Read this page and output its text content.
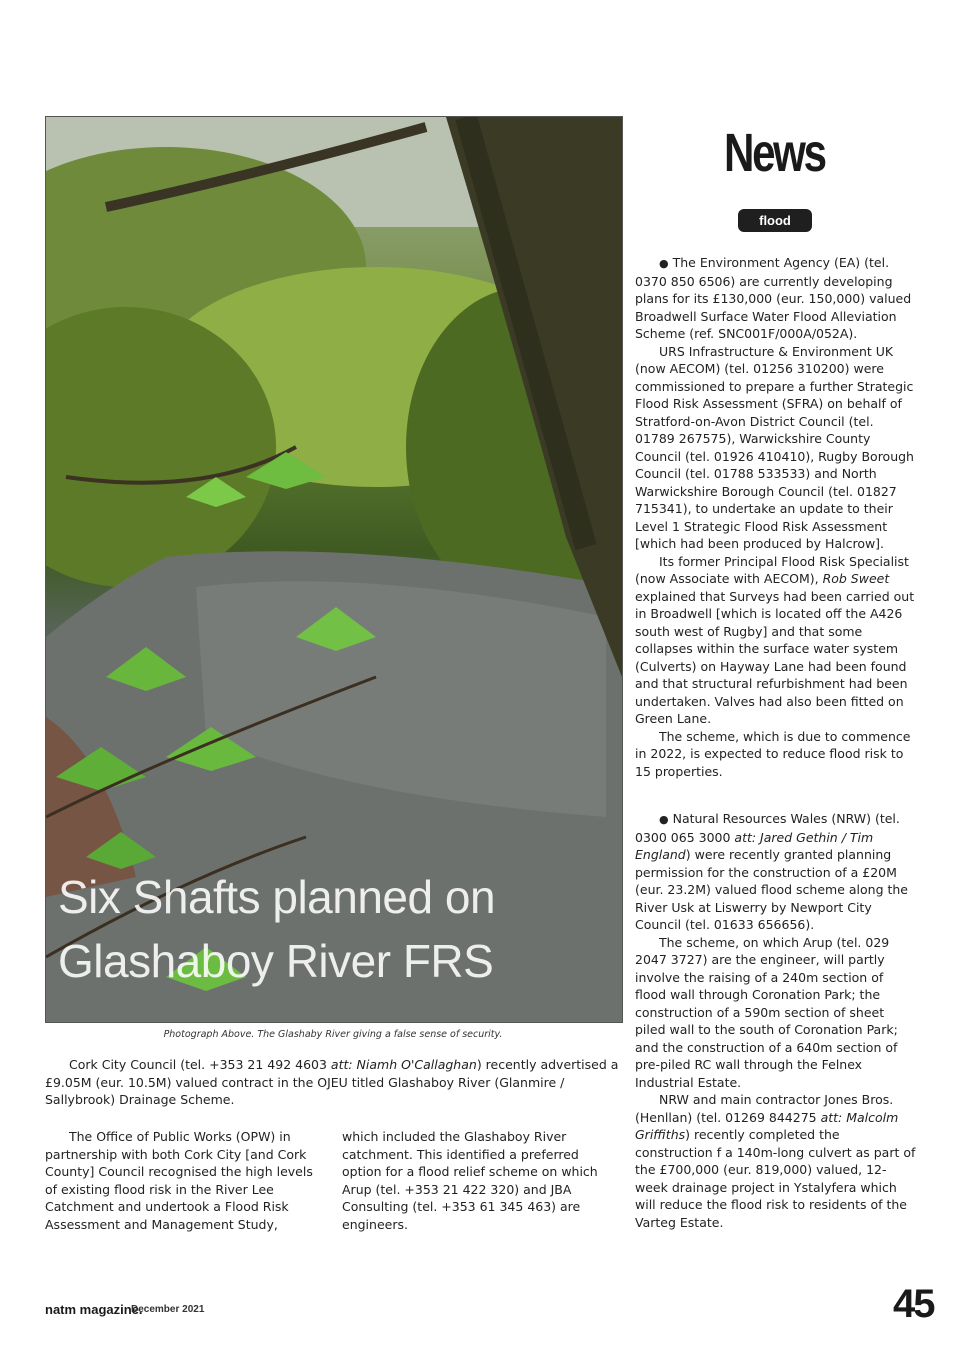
Six Shafts planned on
Glashaboy River FRS
Photograph Above. The Glashaby River giving a false sense of security.

Cork City Council (tel. +353 21 492 4603 att: Niamh O'Callaghan) recently advertised a £9.05M (eur. 10.5M) valued contract in the OJEU titled Glashaboy River (Glanmire / Sallybrook) Drainage Scheme.

The Office of Public Works (OPW) in partnership with both Cork City [and Cork County] Council recognised the high levels of existing flood risk in the River Lee Catchment and undertook a Flood Risk Assessment and Management Study,

which included the Glashaboy River catchment. This identified a preferred option for a flood relief scheme on which Arup (tel. +353 21 422 320) and JBA Consulting (tel. +353 61 345 463) are engineers.

News
flood

● The Environment Agency (EA) (tel. 0370 850 6506) are currently developing plans for its £130,000 (eur. 150,000) valued Broadwell Surface Water Flood Alleviation Scheme (ref. SNC001F/000A/052A).

URS Infrastructure & Environment UK (now AECOM) (tel. 01256 310200) were commissioned to prepare a further Strategic Flood Risk Assessment (SFRA) on behalf of Stratford-on-Avon District Council (tel. 01789 267575), Warwickshire County Council (tel. 01926 410410), Rugby Borough Council (tel. 01788 533533) and North Warwickshire Borough Council (tel. 01827 715341), to undertake an update to their Level 1 Strategic Flood Risk Assessment [which had been produced by Halcrow].

Its former Principal Flood Risk Specialist (now Associate with AECOM), Rob Sweet explained that Surveys had been carried out in Broadwell [which is located off the A426 south west of Rugby] and that some collapses within the surface water system (Culverts) on Hayway Lane had been found and that structural refurbishment had been undertaken. Valves had also been fitted on Green Lane.

The scheme, which is due to commence in 2022, is expected to reduce flood risk to 15 properties.

● Natural Resources Wales (NRW) (tel. 0300 065 3000 att: Jared Gethin / Tim England) were recently granted planning permission for the construction of a £20M (eur. 23.2M) valued flood scheme along the River Usk at Liswerry by Newport City Council (tel. 01633 656656).

The scheme, on which Arup (tel. 029 2047 3727) are the engineer, will partly involve the raising of a 240m section of flood wall through Coronation Park; the construction of a 590m section of sheet piled wall to the south of Coronation Park; and the construction of a 640m section of pre-piled RC wall through the Felnex Industrial Estate.

NRW and main contractor Jones Bros. (Henllan) (tel. 01269 844275 att: Malcolm Griffiths) recently completed the construction f a 140m-long culvert as part of the £700,000 (eur. 819,000) valued, 12-week drainage project in Ystalyfera which will reduce the flood risk to residents of the Varteg Estate.

natm magazine.
December 2021	45
